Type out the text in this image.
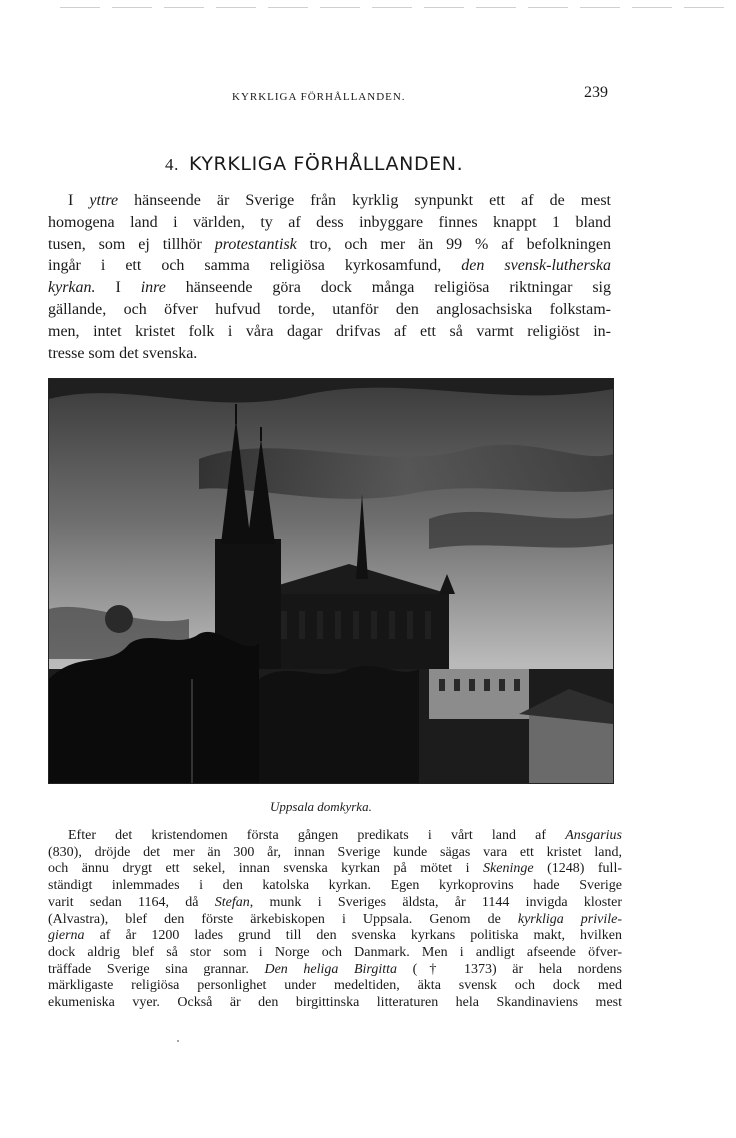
KYRKLIGA FÖRHÅLLANDEN.	239
4. KYRKLIGA FÖRHÅLLANDEN.

I yttre hänseende är Sverige från kyrklig synpunkt ett af de mest
homogena land i världen, ty af dess inbyggare finnes knappt 1 bland
tusen, som ej tillhör protestantisk tro, och mer än 99 % af befolkningen
ingår i ett och samma religiösa kyrkosamfund, den svensk-lutherska
kyrkan. I inre hänseende göra dock många religiösa riktningar sig
gällande, och öfver hufvud torde, utanför den anglosachsiska folkstam-
men, intet kristet folk i våra dagar drifvas af ett så varmt religiöst in-
tresse som det svenska.

Uppsala domkyrka.

Efter det kristendomen första gången predikats i vårt land af Ansgarius
(830), dröjde det mer än 300 år, innan Sverige kunde sägas vara ett kristet land,
och ännu drygt ett sekel, innan svenska kyrkan på mötet i Skeninge (1248) full-
ständigt inlemmades i den katolska kyrkan. Egen kyrkoprovins hade Sverige
varit sedan 1164, då Stefan, munk i Sveriges äldsta, år 1144 invigda kloster
(Alvastra), blef den förste ärkebiskopen i Uppsala. Genom de kyrkliga privile-
gierna af år 1200 lades grund till den svenska kyrkans politiska makt, hvilken
dock aldrig blef så stor som i Norge och Danmark. Men i andligt afseende öfver-
träffade Sverige sina grannar. Den heliga Birgitta († 1373) är hela nordens
märkligaste religiösa personlighet under medeltiden, äkta svensk och dock med
ekumeniska vyer. Också är den birgittinska litteraturen hela Skandinaviens mest
